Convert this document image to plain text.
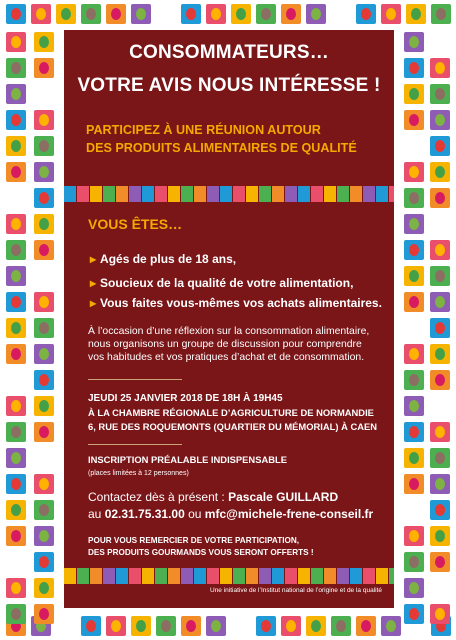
CONSOMMATEURS…
VOTRE AVIS NOUS INTÉRESSE !
PARTICIPEZ À UNE RÉUNION AUTOUR
DES PRODUITS ALIMENTAIRES DE QUALITÉ
VOUS ÊTES…
▸ Agés de plus de 18 ans,
▸ Soucieux de la qualité de votre alimentation,
▸ Vous faites vous-mêmes vos achats alimentaires.
À l’occasion d’une réflexion sur la consommation alimentaire,
nous organisons un groupe de discussion pour comprendre
vos habitudes et vos pratiques d’achat et de consommation.
JEUDI 25 JANVIER 2018 DE 18H À 19H45
À LA CHAMBRE RÉGIONALE D’AGRICULTURE DE NORMANDIE
6, RUE DES ROQUEMONTS (QUARTIER DU MÉMORIAL) À CAEN
INSCRIPTION PRÉALABLE INDISPENSABLE
(places limitées à 12 personnes)
Contactez dès à présent : Pascale GUILLARD
au 02.31.75.31.00 ou mfc@michele-frene-conseil.fr
POUR VOUS REMERCIER DE VOTRE PARTICIPATION,
DES PRODUITS GOURMANDS VOUS SERONT OFFERTS !
Une initiative de l’Institut national de l’origine et de la qualité
